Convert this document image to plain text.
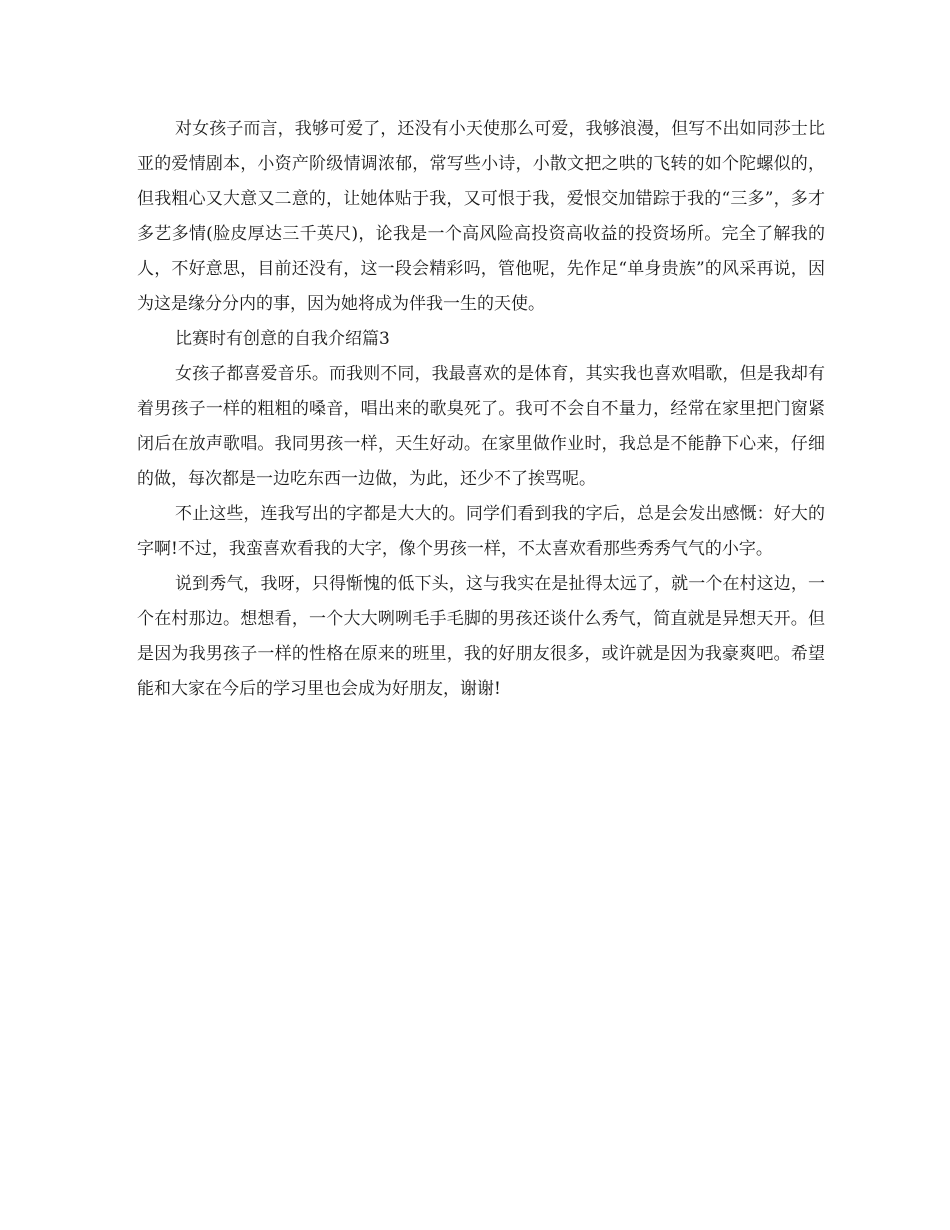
对女孩子而言，我够可爱了，还没有小天使那么可爱，我够浪漫，但写不出如同莎士比亚的爱情剧本，小资产阶级情调浓郁，常写些小诗，小散文把之哄的飞转的如个陀螺似的，但我粗心又大意又二意的，让她体贴于我，又可恨于我，爱恨交加错踪于我的“三多”，多才多艺多情(脸皮厚达三千英尺)，论我是一个高风险高投资高收益的投资场所。完全了解我的人，不好意思，目前还没有，这一段会精彩吗，管他呢，先作足“单身贵族”的风采再说，因为这是缘分分内的事，因为她将成为伴我一生的天使。

比赛时有创意的自我介绍篇3

女孩子都喜爱音乐。而我则不同，我最喜欢的是体育，其实我也喜欢唱歌，但是我却有着男孩子一样的粗粗的嗓音，唱出来的歌臭死了。我可不会自不量力，经常在家里把门窗紧闭后在放声歌唱。我同男孩一样，天生好动。在家里做作业时，我总是不能静下心来，仔细的做，每次都是一边吃东西一边做，为此，还少不了挨骂呢。

不止这些，连我写出的字都是大大的。同学们看到我的字后，总是会发出感慨：好大的字啊!不过，我蛮喜欢看我的大字，像个男孩一样，不太喜欢看那些秀秀气气的小字。

说到秀气，我呀，只得惭愧的低下头，这与我实在是扯得太远了，就一个在村这边，一个在村那边。想想看，一个大大咧咧毛手毛脚的男孩还谈什么秀气，简直就是异想天开。但是因为我男孩子一样的性格在原来的班里，我的好朋友很多，或许就是因为我豪爽吧。希望能和大家在今后的学习里也会成为好朋友，谢谢!
